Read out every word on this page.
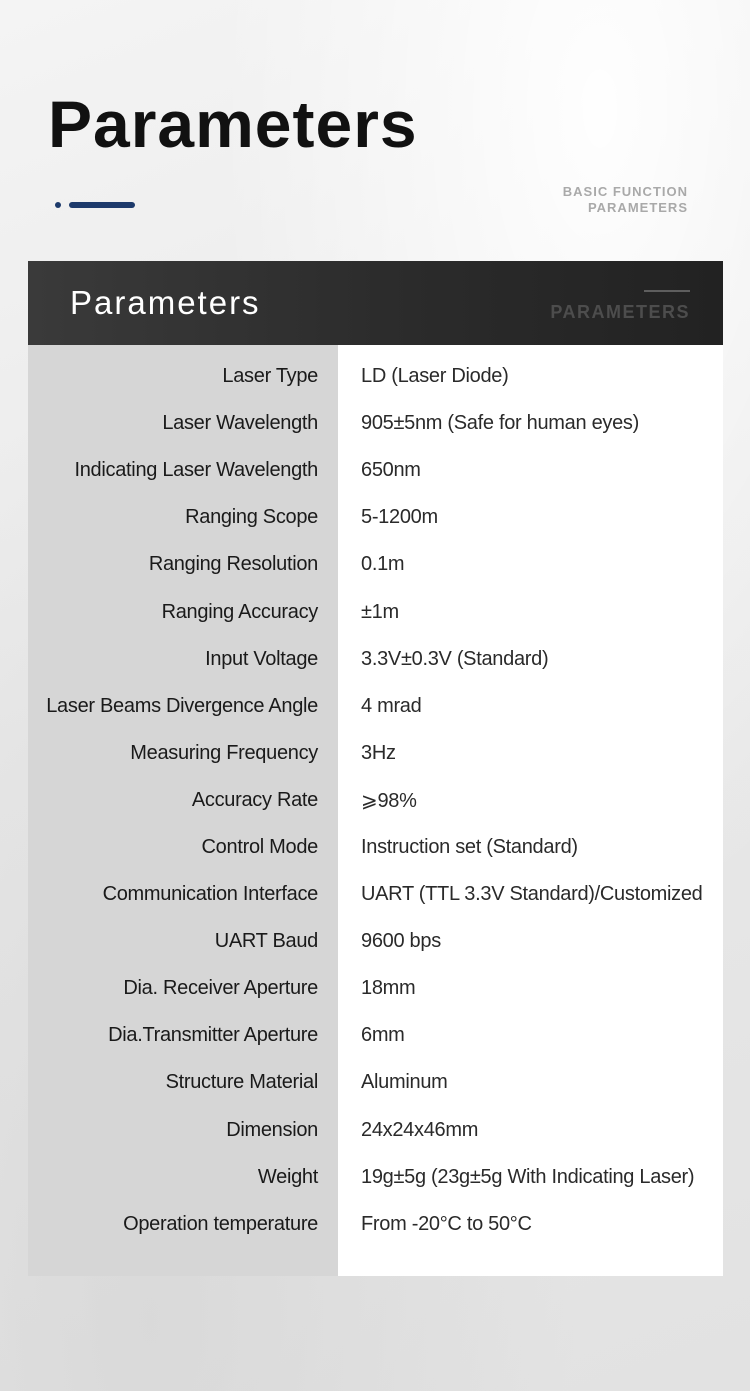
Parameters
BASIC FUNCTION
PARAMETERS
Parameters	PARAMETERS
Laser Type LD (Laser Diode)
Laser Wavelength 905±5nm (Safe for human eyes)
Indicating Laser Wavelength 650nm
Ranging Scope 5-1200m
Ranging Resolution 0.1m
Ranging Accuracy ±1m
Input Voltage 3.3V±0.3V (Standard)
Laser Beams Divergence Angle 4 mrad
Measuring Frequency 3Hz
Accuracy Rate ⩾98%
Control Mode Instruction set (Standard)
Communication Interface UART (TTL 3.3V Standard)/Customized
UART Baud 9600 bps
Dia. Receiver Aperture 18mm
Dia.Transmitter Aperture 6mm
Structure Material Aluminum
Dimension 24x24x46mm
Weight 19g±5g (23g±5g With Indicating Laser)
Operation temperature From -20°C to 50°C
